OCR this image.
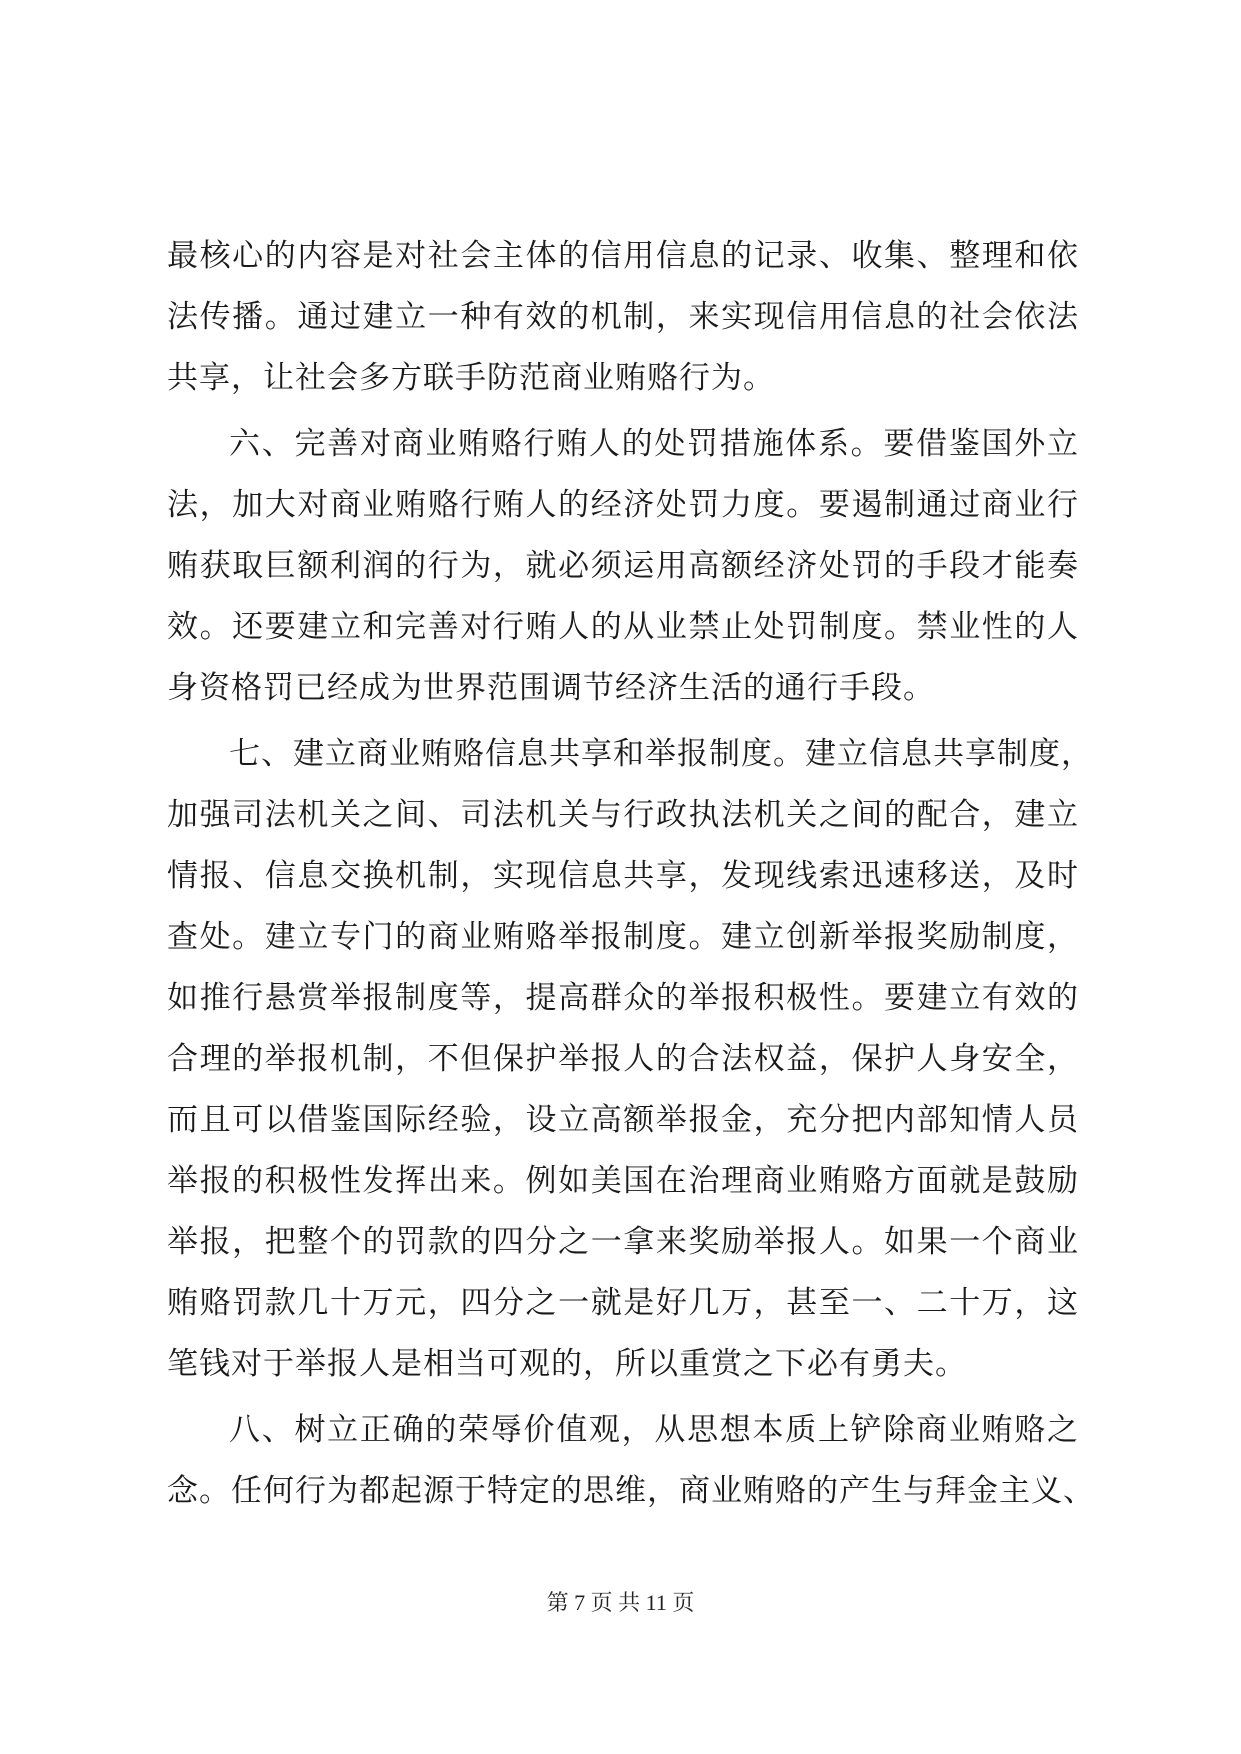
最核心的内容是对社会主体的信用信息的记录、收集、整理和依
法传播。通过建立一种有效的机制，来实现信用信息的社会依法
共享，让社会多方联手防范商业贿赂行为。
六、完善对商业贿赂行贿人的处罚措施体系。要借鉴国外立
法，加大对商业贿赂行贿人的经济处罚力度。要遏制通过商业行
贿获取巨额利润的行为，就必须运用高额经济处罚的手段才能奏
效。还要建立和完善对行贿人的从业禁止处罚制度。禁业性的人
身资格罚已经成为世界范围调节经济生活的通行手段。
七、建立商业贿赂信息共享和举报制度。建立信息共享制度，
加强司法机关之间、司法机关与行政执法机关之间的配合，建立
情报、信息交换机制，实现信息共享，发现线索迅速移送，及时
查处。建立专门的商业贿赂举报制度。建立创新举报奖励制度，
如推行悬赏举报制度等，提高群众的举报积极性。要建立有效的
合理的举报机制，不但保护举报人的合法权益，保护人身安全，
而且可以借鉴国际经验，设立高额举报金，充分把内部知情人员
举报的积极性发挥出来。例如美国在治理商业贿赂方面就是鼓励
举报，把整个的罚款的四分之一拿来奖励举报人。如果一个商业
贿赂罚款几十万元，四分之一就是好几万，甚至一、二十万，这
笔钱对于举报人是相当可观的，所以重赏之下必有勇夫。
八、树立正确的荣辱价值观，从思想本质上铲除商业贿赂之
念。任何行为都起源于特定的思维，商业贿赂的产生与拜金主义、
第 7 页 共 11 页
